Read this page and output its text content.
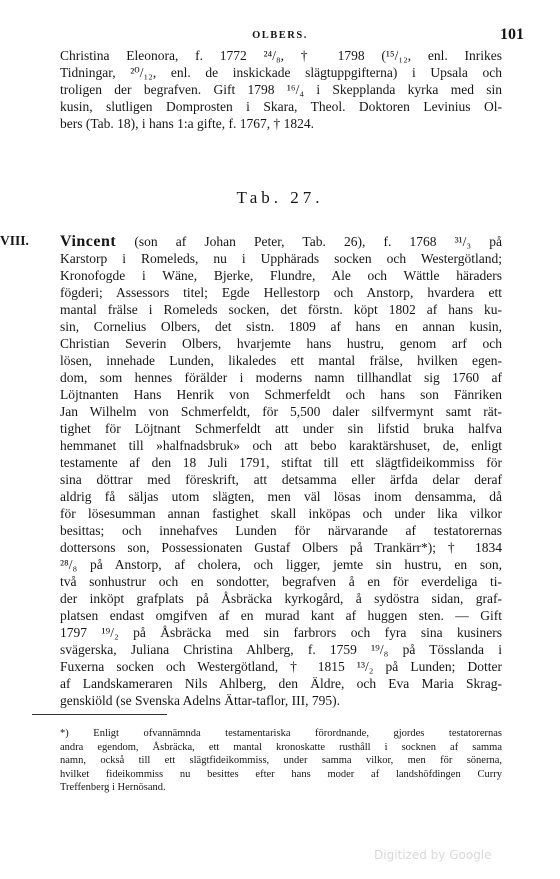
OLBERS.	101
Christina Eleonora, f. 1772 ²⁴/₈, † 1798 (¹⁵/₁₂, enl. Inrikes
Tidningar, ²⁰/₁₂, enl. de inskickade slägtuppgifterna) i Upsala och
troligen der begrafven. Gift 1798 ¹⁶/₄ i Skepplanda kyrka med sin
kusin, slutligen Domprosten i Skara, Theol. Doktoren Levinius Ol-
bers (Tab. 18), i hans 1:a gifte, f. 1767, † 1824.
Tab. 27.
VIII. Vincent (son af Johan Peter, Tab. 26), f. 1768 ³¹/₃ på
Karstorp i Romeleds, nu i Upphärads socken och Westergötland;
Kronofogde i Wäne, Bjerke, Flundre, Ale och Wättle häraders
fögderi; Assessors titel; Egde Hellestorp och Anstorp, hvardera ett
mantal frälse i Romeleds socken, det förstn. köpt 1802 af hans ku-
sin, Cornelius Olbers, det sistn. 1809 af hans en annan kusin,
Christian Severin Olbers, hvarjemte hans hustru, genom arf och
lösen, innehade Lunden, likaledes ett mantal frälse, hvilken egen-
dom, som hennes förälder i moderns namn tillhandlat sig 1760 af
Löjtnanten Hans Henrik von Schmerfeldt och hans son Fänriken
Jan Wilhelm von Schmerfeldt, för 5,500 daler silfvermynt samt rät-
tighet för Löjtnant Schmerfeldt att under sin lifstid bruka halfva
hemmanet till »halfnadsbruk» och att bebo karaktärshuset, de, enligt
testamente af den 18 Juli 1791, stiftat till ett slägtfideikommiss för
sina döttrar med föreskrift, att detsamma eller ärfda delar deraf
aldrig få säljas utom slägten, men väl lösas inom densamma, då
för lösesumman annan fastighet skall inköpas och under lika vilkor
besittas; och innehafves Lunden för närvarande af testatorernas
dottersons son, Possessionaten Gustaf Olbers på Trankärr*); † 1834
²⁸/₈ på Anstorp, af cholera, och ligger, jemte sin hustru, en son,
två sonhustrur och en sondotter, begrafven å en för everdeliga ti-
der inköpt grafplats på Åsbräcka kyrkogård, å sydöstra sidan, graf-
platsen endast omgifven af en murad kant af huggen sten. — Gift
1797 ¹⁹/₂ på Åsbräcka med sin farbrors och fyra sina kusiners
svägerska, Juliana Christina Ahlberg, f. 1759 ¹⁹/₈ på Tösslanda i
Fuxerna socken och Westergötland, † 1815 ¹³/₂ på Lunden; Dotter
af Landskameraren Nils Ahlberg, den Äldre, och Eva Maria Skrag-
genskiöld (se Svenska Adelns Ättar-taflor, III, 795).
*) Enligt ofvannämnda testamentariska förordnande, gjordes testatorernas
andra egendom, Åsbräcka, ett mantal kronoskatte rusthåll i socknen af samma
namn, också till ett slägtfideikommiss, under samma vilkor, men för sönerna,
hvilket fideikommiss nu besittes efter hans moder af landshöfdingen Curry
Treffenberg i Hernösand.
Digitized by Google
